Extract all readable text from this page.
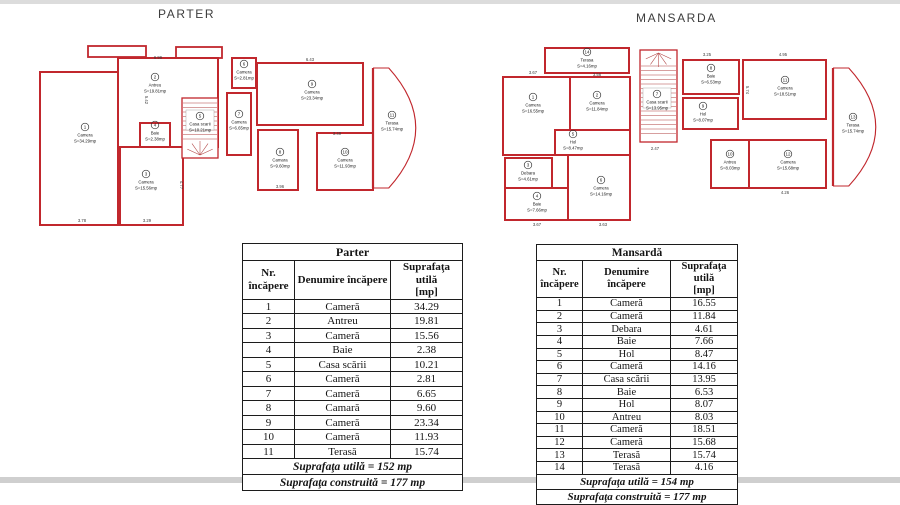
PARTER	MANSARDA
1
Camera
S=34.29mp
2
Antreu
S=19.81mp
3
Camera
S=15.56mp
4
Baie
S=2.38mp
5
Casa scarii
S=10.21mp
6
Camera
S=2.81mp
7
Camera
S=6.65mp
9
Camera
S=23.34mp
8
Camara
S=9.60mp
10
Camera
S=11.93mp
11
Terasa
S=15.74mp
6.99	6.43
3.78	3.29
3.96
3.49
5.42
4.77
14
Terasa
S=4.16mp
1
Camera
S=16.55mp
2
Camera
S=11.84mp
7
Casa scarii
S=13.95mp
5
Hol
S=8.47mp
3
Debara
S=4.61mp
4
Baie
S=7.66mp
6
Camera
S=14.16mp
8
Baie
S=6.53mp
9
Hol
S=8.07mp
11
Camera
S=18.51mp
10
Antreu
S=8.03mp
12
Camera
S=15.68mp
13
Terasa
S=15.74mp
3.67	3.56
3.25	4.95
2.47
3.67	3.63
4.26
5.74
Parter		

Nr.
încăpere

Denumire încăpere

Suprafaţa utilă
[mp]

1	Cameră	34.29
2	Antreu	19.81
3	Cameră	15.56
4	Baie	2.38
5	Casa scării	10.21
6	Cameră	2.81
7	Cameră	6.65
8	Camară	9.60
9	Cameră	23.34
10	Cameră	11.93
11	Terasă	15.74
Suprafaţa utilă = 152 mp		
Suprafaţa construită = 177 mp		
Mansardă		

Nr.
încăpere

Denumire încăpere

Suprafaţa utilă
[mp]

1	Cameră	16.55
2	Cameră	11.84
3	Debara	4.61
4	Baie	7.66
5	Hol	8.47
6	Cameră	14.16
7	Casa scării	13.95
8	Baie	6.53
9	Hol	8.07
10	Antreu	8.03
11	Cameră	18.51
12	Cameră	15.68
13	Terasă	15.74
14	Terasă	4.16
Suprafaţa utilă = 154 mp		
Suprafaţa construită = 177 mp		
